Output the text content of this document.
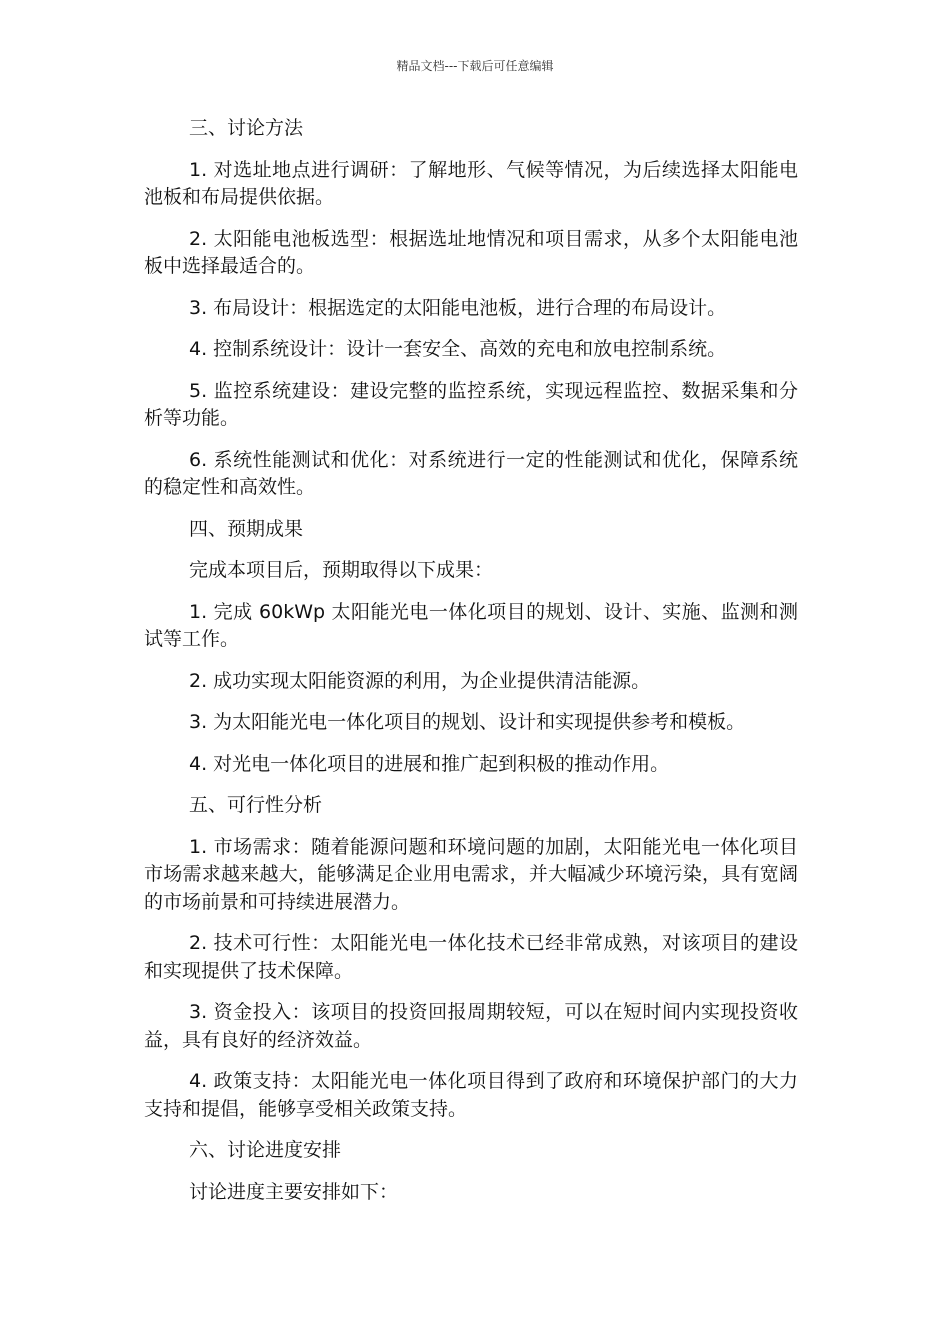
精品文档---下载后可任意编辑

三、讨论方法

1. 对选址地点进行调研：了解地形、气候等情况，为后续选择太阳能电池板和布局提供依据。

2. 太阳能电池板选型：根据选址地情况和项目需求，从多个太阳能电池板中选择最适合的。

3. 布局设计：根据选定的太阳能电池板，进行合理的布局设计。

4. 控制系统设计：设计一套安全、高效的充电和放电控制系统。

5. 监控系统建设：建设完整的监控系统，实现远程监控、数据采集和分析等功能。

6. 系统性能测试和优化：对系统进行一定的性能测试和优化，保障系统的稳定性和高效性。

四、预期成果

完成本项目后，预期取得以下成果：

1. 完成 60kWp 太阳能光电一体化项目的规划、设计、实施、监测和测试等工作。

2. 成功实现太阳能资源的利用，为企业提供清洁能源。

3. 为太阳能光电一体化项目的规划、设计和实现提供参考和模板。

4. 对光电一体化项目的进展和推广起到积极的推动作用。

五、可行性分析

1. 市场需求：随着能源问题和环境问题的加剧，太阳能光电一体化项目市场需求越来越大，能够满足企业用电需求，并大幅减少环境污染，具有宽阔的市场前景和可持续进展潜力。

2. 技术可行性：太阳能光电一体化技术已经非常成熟，对该项目的建设和实现提供了技术保障。

3. 资金投入：该项目的投资回报周期较短，可以在短时间内实现投资收益，具有良好的经济效益。

4. 政策支持：太阳能光电一体化项目得到了政府和环境保护部门的大力支持和提倡，能够享受相关政策支持。

六、讨论进度安排

讨论进度主要安排如下：
